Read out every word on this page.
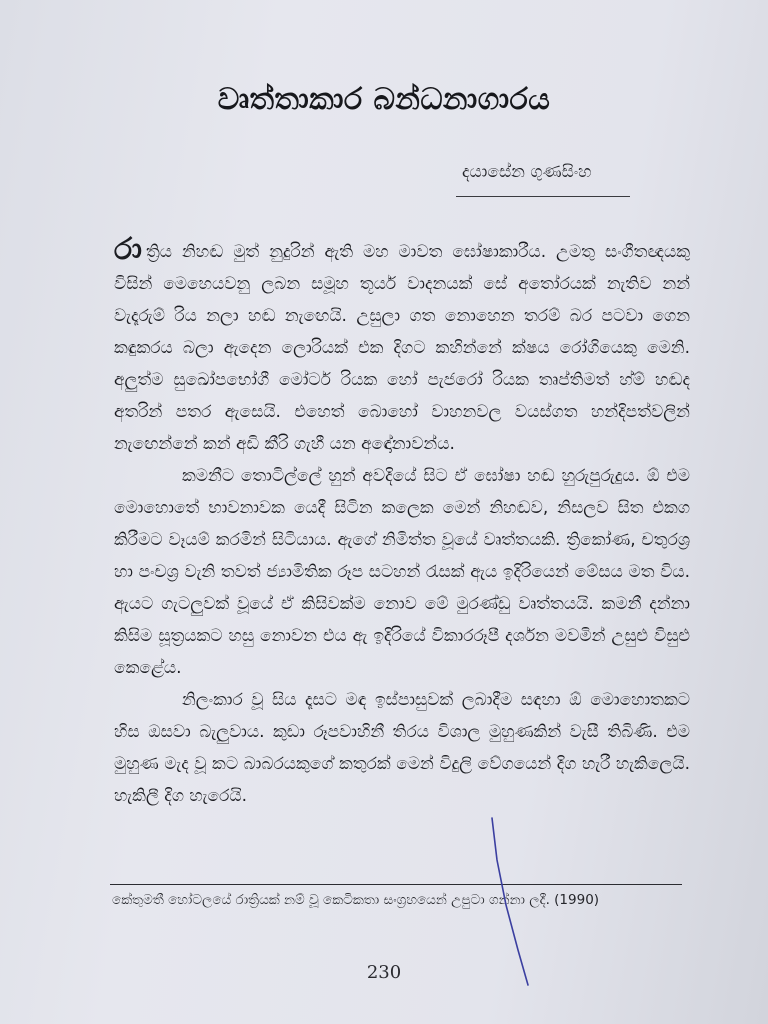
වෘත්තාකාර බන්ධනාගාරය
දයාසේන ගුණසිංහ

රාත්‍රිය නිහඬ මුත් නුදුරින් ඇති මහ මාවත ඝෝෂාකාරීය. උමතු සංගීතඥයකු විසින් මෙහෙයවනු ලබන සමූහ තූර්ය වාදනයක් සේ අතෝරයක් නැතිව නන් වැදෑරුම් රිය නලා හඬ නැඟෙයි. උසුලා ගත නොහෙන තරම් බර පටවා ගෙන කඳුකරය බලා ඇදෙන ලොරියක් එක දිගට කහින්නේ ක්ෂය රෝගියෙකු මෙනි. අලුත්ම සුඛෝපභෝගී මෝටර් රියක හෝ පැජරෝ රියක තෘප්තිමත් හ්ම් හඬද අතරින් පතර ඇසෙයි. එහෙත් බොහෝ වාහනවල වයස්ගත හන්දිපත්වලින් නැඟෙන්නේ කන් අඩි කීරි ගැහී යන අඳෝනාවන්ය.

කමනීට තොටිල්ලේ හුන් අවදියේ සිට ඒ ඝෝෂා හඬ හුරුපුරුදුය. ඕ එම මොහොතේ භාවනාවක යෙදී සිටින කලෙක මෙන් නිහඬව, නිසලව සිත එකග කිරීමට වෑයම් කරමින් සිටියාය. ඇගේ නිමිත්ත වූයේ වෘත්තයකි. ත්‍රිකෝණ, චතුරශ්‍ර හා පංචශ්‍ර වැනි තවත් ජ්‍යාමිතික රූප සටහන් රැසක් ඇය ඉදිරියෙන් මේසය මත විය. ඇයට ගැටලුවක් වූයේ ඒ කිසිවක්ම නොව මේ මුරණ්ඩු වෘත්තයයි. කමනී දන්නා කිසිම සූත්‍රයකට හසු නොවන එය ඇ ඉදිරියේ විකාරරූපී දර්ශන මවමින් උසුළු විසුළු කෙළේය.

නිලංකාර වූ සිය දෑසට මඳ ඉස්පාසුවක් ලබාදීම සඳහා ඕ මොහොතකට හිස ඔසවා බැලුවාය. කුඩා රූපවාහිනී තිරය විශාල මුහුණකින් වැසී තිබිණි. එම මුහුණ මැද වූ කට බාබරයකුගේ කතුරක් මෙන් විදුලි වේගයෙන් දිග හැරී හැකිලෙයි. හැකිලී දිග හැරෙයි.

කේතුමතී හෝටලයේ රාත්‍රියක් නම් වූ කෙටිකතා සංග්‍රහයෙන් උපුටා ගන්නා ලදී. (1990)
230
